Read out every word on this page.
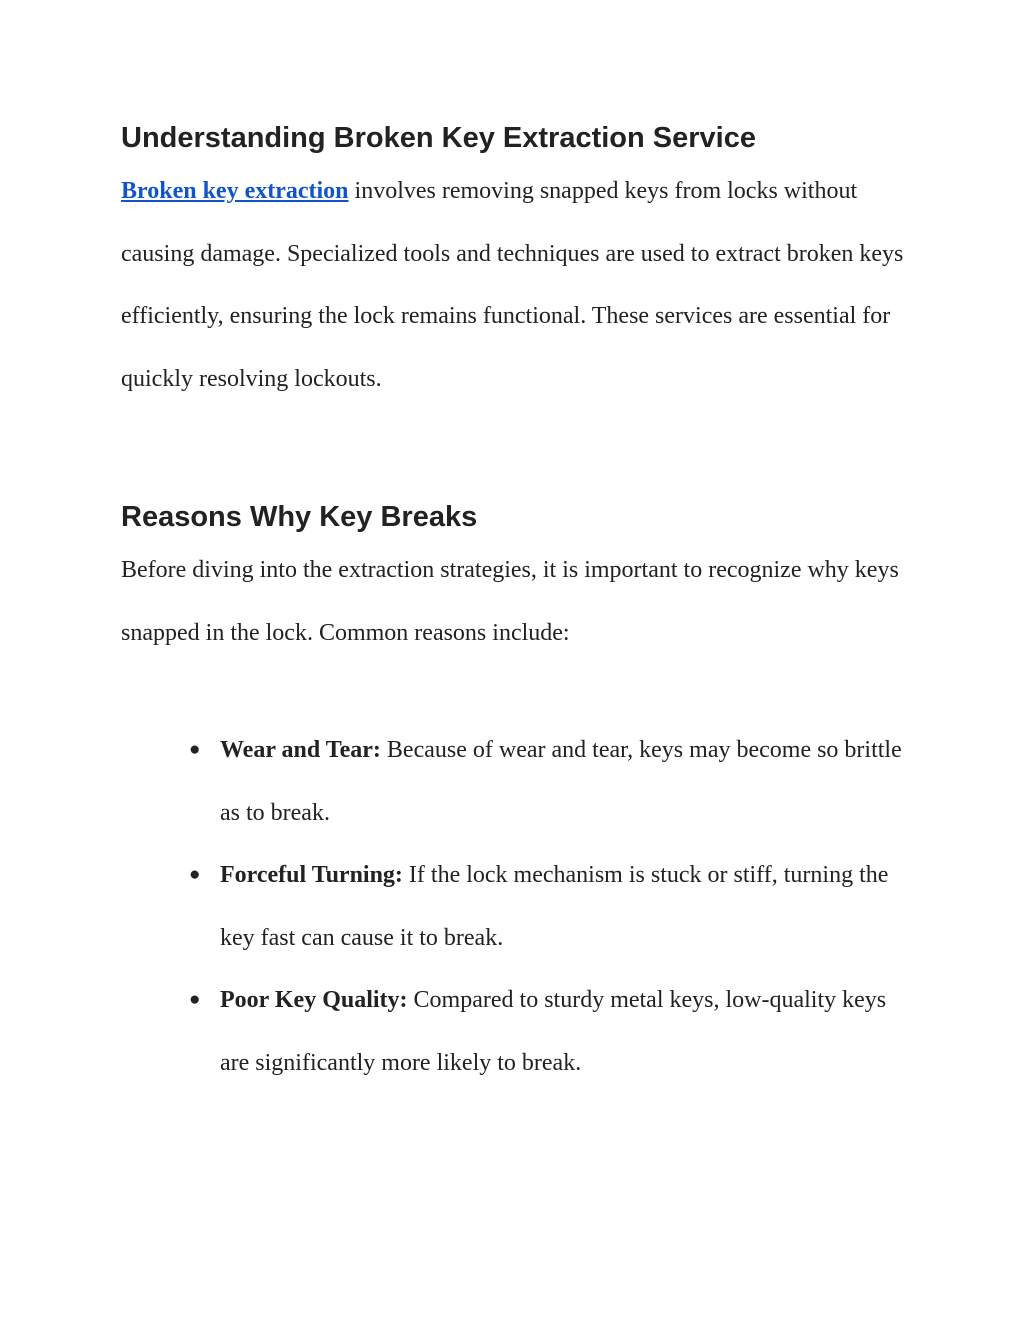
Understanding Broken Key Extraction Service

Broken key extraction involves removing snapped keys from locks without causing damage. Specialized tools and techniques are used to extract broken keys efficiently, ensuring the lock remains functional. These services are essential for quickly resolving lockouts.

Reasons Why Key Breaks

Before diving into the extraction strategies, it is important to recognize why keys snapped in the lock. Common reasons include:

● Wear and Tear: Because of wear and tear, keys may become so brittle as to break.
● Forceful Turning: If the lock mechanism is stuck or stiff, turning the key fast can cause it to break.
● Poor Key Quality: Compared to sturdy metal keys, low-quality keys are significantly more likely to break.
